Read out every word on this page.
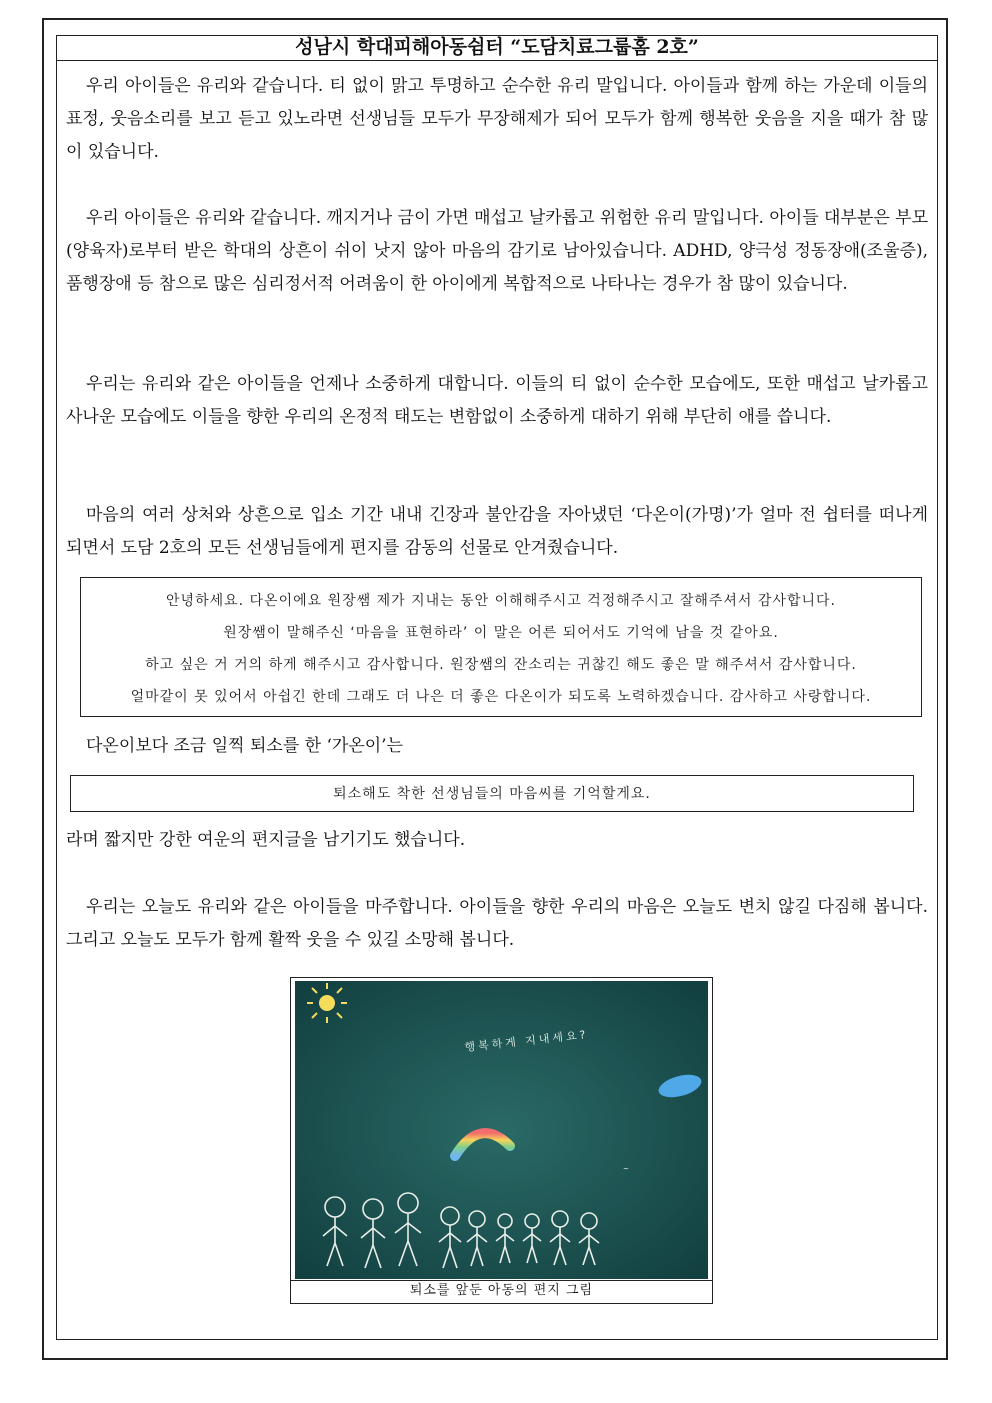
성남시 학대피해아동쉼터 “도담치료그룹홈 2호”

우리 아이들은 유리와 같습니다. 티 없이 맑고 투명하고 순수한 유리 말입니다. 아이들과 함께 하는 가운데 이들의 표정, 웃음소리를 보고 듣고 있노라면 선생님들 모두가 무장해제가 되어 모두가 함께 행복한 웃음을 지을 때가 참 많이 있습니다.

우리 아이들은 유리와 같습니다. 깨지거나 금이 가면 매섭고 날카롭고 위험한 유리 말입니다. 아이들 대부분은 부모(양육자)로부터 받은 학대의 상흔이 쉬이 낫지 않아 마음의 감기로 남아있습니다. ADHD, 양극성 정동장애(조울증), 품행장애 등 참으로 많은 심리정서적 어려움이 한 아이에게 복합적으로 나타나는 경우가 참 많이 있습니다.

우리는 유리와 같은 아이들을 언제나 소중하게 대합니다. 이들의 티 없이 순수한 모습에도, 또한 매섭고 날카롭고 사나운 모습에도 이들을 향한 우리의 온정적 태도는 변함없이 소중하게 대하기 위해 부단히 애를 씁니다.

마음의 여러 상처와 상흔으로 입소 기간 내내 긴장과 불안감을 자아냈던 ‘다온이(가명)’가 얼마 전 쉽터를 떠나게 되면서 도담 2호의 모든 선생님들에게 편지를 감동의 선물로 안겨줬습니다.

안녕하세요. 다온이에요 원장쌤 제가 지내는 동안 이해해주시고 걱정해주시고 잘해주셔서 감사합니다.
원장쌤이 말해주신 ‘마음을 표현하라’ 이 말은 어른 되어서도 기억에 남을 것 같아요.
하고 싶은 거 거의 하게 해주시고 감사합니다. 원장쌤의 잔소리는 귀찮긴 해도 좋은 말 해주셔서 감사합니다.
얼마같이 못 있어서 아쉽긴 한데 그래도 더 나은 더 좋은 다온이가 되도록 노력하겠습니다. 감사하고 사랑합니다.

다온이보다 조금 일찍 퇴소를 한 ‘가온이’는

퇴소해도 착한 선생님들의 마음씨를 기억할게요.

라며 짧지만 강한 여운의 편지글을 남기기도 했습니다.

우리는 오늘도 유리와 같은 아이들을 마주합니다. 아이들을 향한 우리의 마음은 오늘도 변치 않길 다짐해 봅니다. 그리고 오늘도 모두가 함께 활짝 웃을 수 있길 소망해 봅니다.

행복하게 지내세요?
~
퇴소를 앞둔 아동의 편지 그림
